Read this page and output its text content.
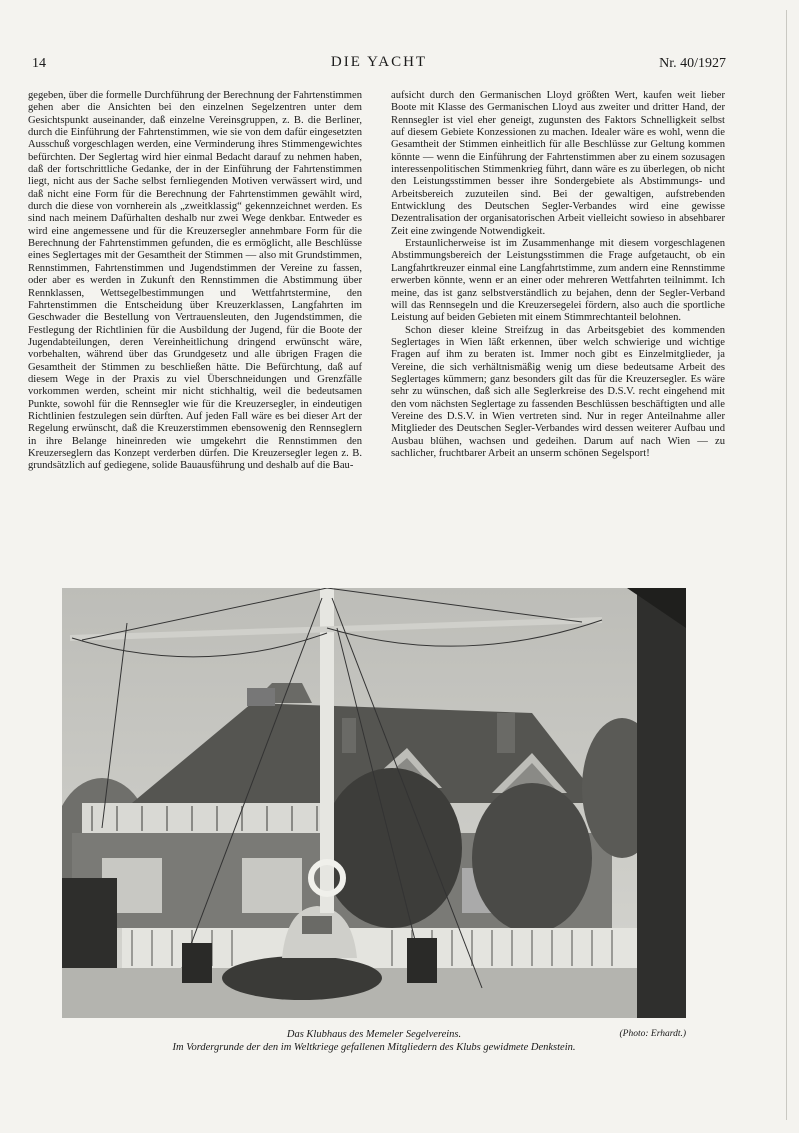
14	DIE YACHT	Nr. 40/1927

gegeben, über die formelle Durchführung der Berechnung der Fahrtenstimmen gehen aber die Ansichten bei den einzelnen Segelzentren unter dem Gesichtspunkt auseinander, daß einzelne Vereinsgruppen, z. B. die Berliner, durch die Einführung der Fahrtenstimmen, wie sie von dem dafür eingesetzten Ausschuß vorgeschlagen werden, eine Verminderung ihres Stimmengewichtes befürchten. Der Seglertag wird hier einmal Bedacht darauf zu nehmen haben, daß der fortschrittliche Gedanke, der in der Einführung der Fahrtenstimmen liegt, nicht aus der Sache selbst fernliegenden Motiven verwässert wird, und daß nicht eine Form für die Berechnung der Fahrtenstimmen gewählt wird, durch die diese von vornherein als „zweitklassig“ gekennzeichnet werden. Es sind nach meinem Dafürhalten deshalb nur zwei Wege denkbar. Entweder es wird eine angemessene und für die Kreuzersegler annehmbare Form für die Berechnung der Fahrtenstimmen gefunden, die es ermöglicht, alle Beschlüsse eines Seglertages mit der Gesamtheit der Stimmen — also mit Grundstimmen, Rennstimmen, Fahrtenstimmen und Jugendstimmen der Vereine zu fassen, oder aber es werden in Zukunft den Rennstimmen die Abstimmung über Rennklassen, Wettsegelbestimmungen und Wettfahrtstermine, den Fahrtenstimmen die Entscheidung über Kreuzerklassen, Langfahrten im Geschwader die Bestellung von Vertrauensleuten, den Jugendstimmen, die Festlegung der Richtlinien für die Ausbildung der Jugend, für die Boote der Jugendabteilungen, deren Vereinheitlichung dringend erwünscht wäre, vorbehalten, während über das Grundgesetz und alle übrigen Fragen die Gesamtheit der Stimmen zu beschließen hätte. Die Befürchtung, daß auf diesem Wege in der Praxis zu viel Überschneidungen und Grenzfälle vorkommen werden, scheint mir nicht stichhaltig, weil die bedeutsamen Punkte, sowohl für die Rennsegler wie für die Kreuzersegler, in eindeutigen Richtlinien festzulegen sein dürften. Auf jeden Fall wäre es bei dieser Art der Regelung erwünscht, daß die Kreuzerstimmen ebensowenig den Rennseglern in ihre Belange hineinreden wie umgekehrt die Rennstimmen den Kreuzerseglern das Konzept verderben dürfen. Die Kreuzersegler legen z. B. grundsätzlich auf gediegene, solide Bauausführung und deshalb auf die Bau-

aufsicht durch den Germanischen Lloyd größten Wert, kaufen weit lieber Boote mit Klasse des Germanischen Lloyd aus zweiter und dritter Hand, der Rennsegler ist viel eher geneigt, zugunsten des Faktors Schnelligkeit selbst auf diesem Gebiete Konzessionen zu machen. Idealer wäre es wohl, wenn die Gesamtheit der Stimmen einheitlich für alle Beschlüsse zur Geltung kommen könnte — wenn die Einführung der Fahrtenstimmen aber zu einem sozusagen interessenpolitischen Stimmenkrieg führt, dann wäre es zu überlegen, ob nicht den Leistungsstimmen besser ihre Sondergebiete als Abstimmungs- und Arbeitsbereich zuzuteilen sind. Bei der gewaltigen, aufstrebenden Entwicklung des Deutschen Segler-Verbandes wird eine gewisse Dezentralisation der organisatorischen Arbeit vielleicht sowieso in absehbarer Zeit eine zwingende Notwendigkeit.

Erstaunlicherweise ist im Zusammenhange mit diesem vorgeschlagenen Abstimmungsbereich der Leistungsstimmen die Frage aufgetaucht, ob ein Langfahrtkreuzer einmal eine Langfahrtstimme, zum andern eine Rennstimme erwerben könnte, wenn er an einer oder mehreren Wettfahrten teilnimmt. Ich meine, das ist ganz selbstverständlich zu bejahen, denn der Segler-Verband will das Rennsegeln und die Kreuzersegelei fördern, also auch die sportliche Leistung auf beiden Gebieten mit einem Stimmrechtanteil belohnen.

Schon dieser kleine Streifzug in das Arbeitsgebiet des kommenden Seglertages in Wien läßt erkennen, über welch schwierige und wichtige Fragen auf ihm zu beraten ist. Immer noch gibt es Einzelmitglieder, ja Vereine, die sich verhältnismäßig wenig um diese bedeutsame Arbeit des Seglertages kümmern; ganz besonders gilt das für die Kreuzersegler. Es wäre sehr zu wünschen, daß sich alle Seglerkreise des D.S.V. recht eingehend mit den vom nächsten Seglertage zu fassenden Beschlüssen beschäftigten und alle Vereine des D.S.V. in Wien vertreten sind. Nur in reger Anteilnahme aller Mitglieder des Deutschen Segler-Verbandes wird dessen weiterer Aufbau und Ausbau blühen, wachsen und gedeihen. Darum auf nach Wien — zu sachlicher, fruchtbarer Arbeit an unserm schönen Segelsport!

Das Klubhaus des Memeler Segelvereins.	(Photo: Erhardt.)
Im Vordergrunde der den im Weltkriege gefallenen Mitgliedern des Klubs gewidmete Denkstein.
